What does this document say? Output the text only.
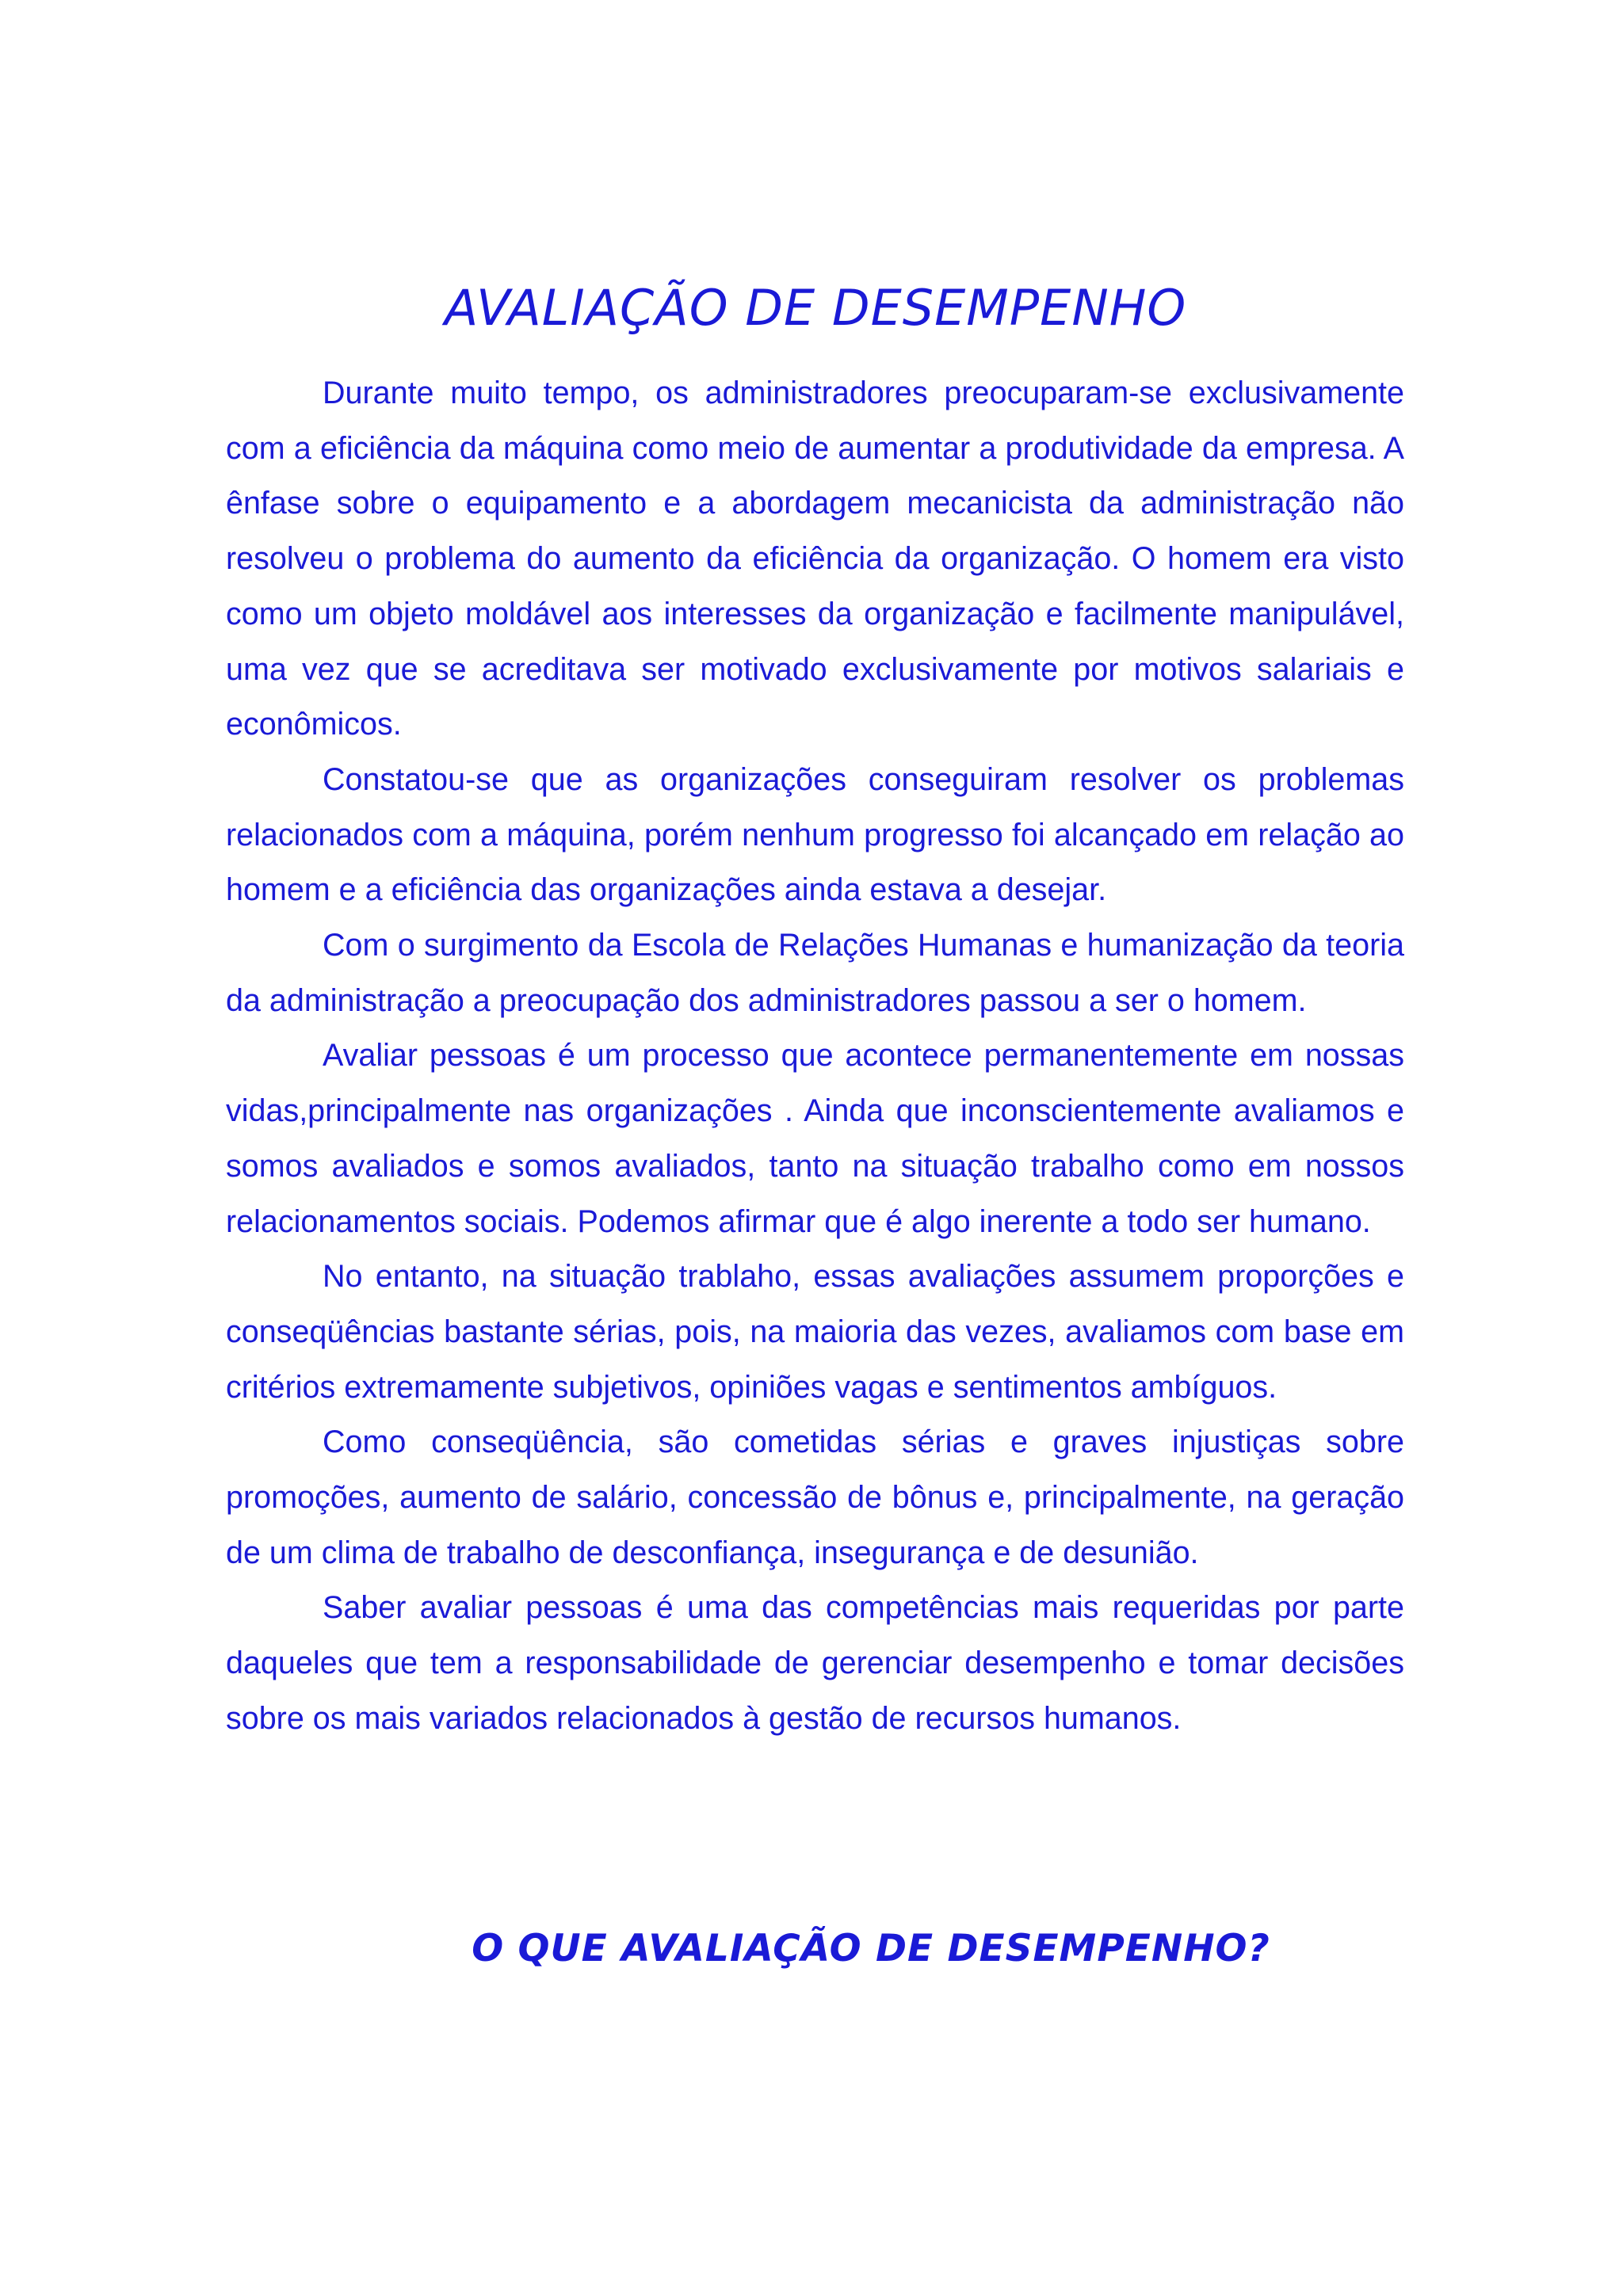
AVALIAÇÃO DE DESEMPENHO

Durante muito tempo, os administradores preocuparam-se exclusivamente com a eficiência da máquina como meio de aumentar a produtividade da empresa. A ênfase sobre o equipamento e a abordagem mecanicista da administração não resolveu o problema do aumento da eficiência da organização. O homem era visto como um objeto moldável aos interesses da organização e facilmente manipulável, uma vez que se acreditava ser motivado exclusivamente por motivos salariais e econômicos.

Constatou-se que as organizações conseguiram resolver os problemas relacionados com a máquina, porém nenhum progresso foi alcançado em relação ao homem e a eficiência das organizações ainda estava a desejar.

Com o surgimento da Escola de Relações Humanas e humanização da teoria da administração a preocupação dos administradores passou a ser o homem.

Avaliar pessoas é um processo que acontece permanentemente em nossas vidas,principalmente nas organizações . Ainda que inconscientemente avaliamos e somos avaliados e somos avaliados, tanto na situação trabalho como em nossos relacionamentos sociais. Podemos afirmar que é algo inerente a todo ser humano.

No entanto, na situação trablaho, essas avaliações assumem proporções e conseqüências bastante sérias, pois, na maioria das vezes, avaliamos com base em critérios extremamente subjetivos, opiniões vagas e sentimentos ambíguos.

Como conseqüência, são cometidas sérias e graves injustiças sobre promoções, aumento de salário, concessão de bônus e, principalmente, na geração de um clima de trabalho de desconfiança, insegurança e de desunião.

Saber avaliar pessoas é uma das competências mais requeridas por parte daqueles que tem a responsabilidade de gerenciar desempenho e tomar decisões sobre os mais variados relacionados à gestão de recursos humanos.

O QUE AVALIAÇÃO DE DESEMPENHO?
